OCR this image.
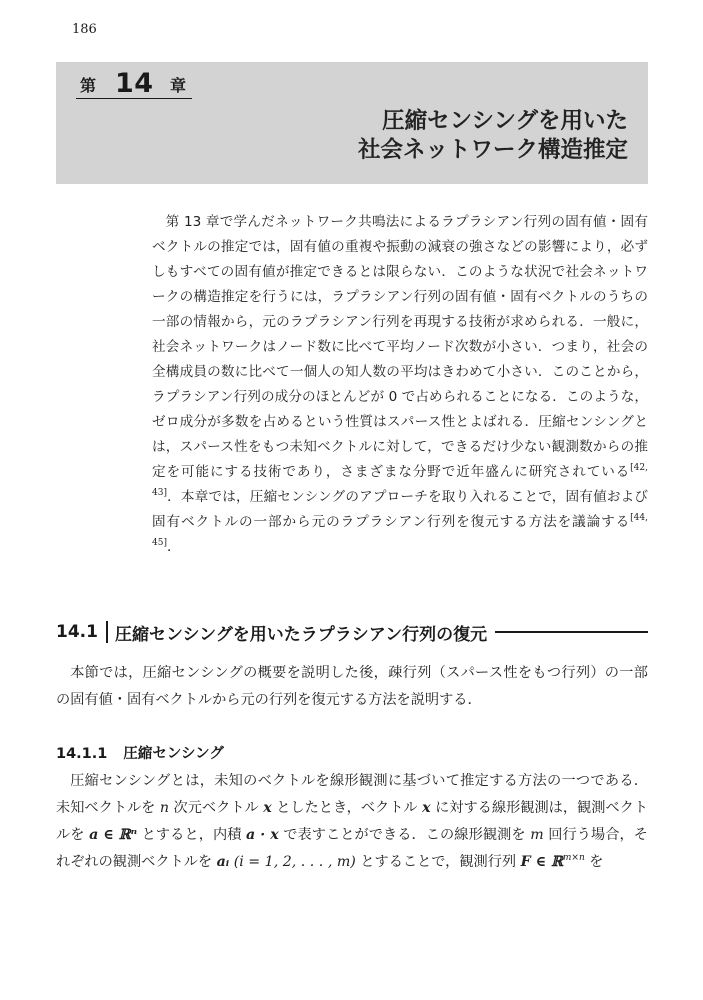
186
第 14 章
圧縮センシングを用いた
社会ネットワーク構造推定

第 13 章で学んだネットワーク共鳴法によるラプラシアン行列の固有値・固有ベクトルの推定では，固有値の重複や振動の減衰の強さなどの影響により，必ずしもすべての固有値が推定できるとは限らない．このような状況で社会ネットワークの構造推定を行うには，ラプラシアン行列の固有値・固有ベクトルのうちの一部の情報から，元のラプラシアン行列を再現する技術が求められる．一般に，社会ネットワークはノード数に比べて平均ノード次数が小さい．つまり，社会の全構成員の数に比べて一個人の知人数の平均はきわめて小さい．このことから，ラプラシアン行列の成分のほとんどが 0 で占められることになる．このような，ゼロ成分が多数を占めるという性質はスパース性とよばれる．圧縮センシングとは，スパース性をもつ未知ベクトルに対して，できるだけ少ない観測数からの推定を可能にする技術であり，さまざまな分野で近年盛んに研究されている[42, 43]．本章では，圧縮センシングのアプローチを取り入れることで，固有値および固有ベクトルの一部から元のラプラシアン行列を復元する方法を議論する[44, 45]．

14.1 圧縮センシングを用いたラプラシアン行列の復元

本節では，圧縮センシングの概要を説明した後，疎行列（スパース性をもつ行列）の一部の固有値・固有ベクトルから元の行列を復元する方法を説明する．

14.1.1 圧縮センシング

圧縮センシングとは，未知のベクトルを線形観測に基づいて推定する方法の一つである．未知ベクトルを n 次元ベクトル x としたとき，ベクトル x に対する線形観測は，観測ベクトルを a ∈ ℝⁿ とすると，内積 a · x で表すことができる．この線形観測を m 回行う場合，それぞれの観測ベクトルを aᵢ (i = 1, 2, . . . , m) とすることで，観測行列 F ∈ ℝ$^{m\times n}$ を
